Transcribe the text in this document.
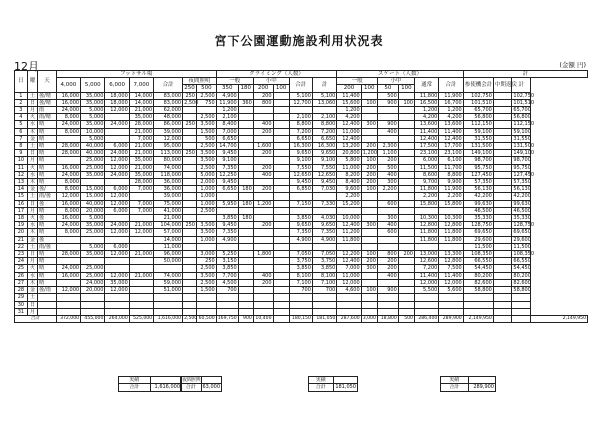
宮下公園運動施設利用状況表
12月	(金額 円)
日	曜	天	フットサル場							クライミング（人数）						スケート（人数）						計			
			4,000	5,000	6,000	7,000	合計	夜間照明		一般		小中		合計	計	一般		小中		通常	合計	参使機会計	中期返戻	計
								250	500	350	180	200	100			200	100	50	100						
1	土	曇/晴	16,000	35,000	18,000	14,000	83,000	250	2,500	4,900		200		5,100	5,100	11,400		500		11,800	11,900	102,750		102,750	
2	日	曇/晴	16,000	35,000	18,000	14,000	83,000	2,500	750	11,900	360	800		12,700	13,060	15,600	100	900	100	16,500	16,700	101,510		101,510	
3	月	雨	24,000	5,000	12,000	21,000	62,000			1,200						1,200				1,200	1,200	65,700		65,700	
4	火	雨/晴	8,000	5,000		35,000	48,000		2,500	2,100				2,100	2,100	4,200				4,200	4,200	56,800		56,800	
5	水	晴	24,000	35,000	24,000	28,000	86,000	250	3,500	8,400		400		8,800	8,800	12,400	300	900		13,600	13,600	112,150		112,150	
6	木	晴	8,000	10,000		21,000	39,000		1,500	7,000		200		7,200	7,200	11,000		400		11,400	11,400	59,100		59,100	
7	金	晴		5,000		7,000	12,000		500	6,650				6,650	6,650	12,400				12,400	12,400	31,550		31,550	
8	土	晴	28,000	40,000	6,000	21,000	95,000		2,500	14,700		1,600		16,300	16,300	13,200	200	2,300		17,500	17,700	131,500		131,500	
9	日	晴	28,000	40,000	24,000	21,000	113,000	250	3,500	9,450		200		9,650	9,650	20,800	1,200	1,100		23,100	23,100	149,100		149,100	
10	月	晴		25,000	12,000	35,000	80,000		3,500	9,100				9,100	9,100	5,800	100	200		6,000	6,100	98,700		98,700	
11	火	晴	16,000	25,000	12,000	21,000	74,000		2,500	7,350		200		7,550	7,550	11,000	200	500		11,500	11,700	95,750		95,750	
12	水	晴	24,000	35,000	24,000	35,000	118,000		5,000	12,250		400		12,650	12,650	8,200	200	400		8,600	8,800	127,450		127,450	
13	木	晴	8,000			28,000	36,000		2,000	9,450				9,450	9,450	8,400	200	300		9,700	9,900	57,350		57,350	
14	金	曇/	8,000	15,000	6,000	7,000	36,000		1,000	6,650	180	200		6,850	7,030	9,600	100	2,200		11,800	11,900	56,130		56,130	
15	土	雨/曇	12,000	15,000	12,000		39,000		1,000							2,200				2,200	2,200	42,200		42,200	
16	日	曇	16,000	40,000	12,000	7,000	75,000		1,000	5,950	180	1,200		7,150	7,330	15,200		600		15,800	15,800	99,630		99,630	
17	月	晴	8,000	20,000	6,000	7,000	41,000		2,500													46,500		46,500	
18	火	曇	16,000	5,000			21,000			3,850	180			3,850	4,030	10,000		300		10,300	10,300	35,330		35,330	
19	水	晴	24,000	35,000	24,000	21,000	104,000	250	3,500	9,450		200		9,650	9,650	12,400	300	400		12,800	12,800	128,750		128,750	
20	木	晴	8,000	25,000	12,000	12,000	57,000		3,500	7,350				7,350	7,350	11,200		600		11,800	11,800	69,650		69,650	
21	金	曇					14,000		1,000	4,900				4,900	4,900	11,800				11,800	11,800	29,600		29,600	
22	土	雨/曇		5,000	6,000		11,000															11,500		11,500	
23	日	晴	28,000	35,000	12,000	21,000	96,000		3,000	5,250		1,800		7,050	7,050	12,200	100	800	200	13,000	13,300	108,350		108,350	
24	月	晴					50,000		250	3,150				3,750	3,750	12,400	200	200		12,600	12,800	66,550		66,550	
25	火	晴	24,000	25,000					2,500	3,850				3,850	3,850	7,000	300	200		7,200	7,500	54,450		54,450	
26	水	晴	16,000	25,000	12,000	21,000	74,000		3,500	7,700		400		8,100	8,100	11,000		400		11,400	11,400	80,200		80,200	
27	木	晴		24,000	35,000		59,000		2,500	4,500		200		7,100	7,100	12,000				12,000	12,000	82,600		82,600	
28	金	曇/雨	12,000	20,000	12,000		51,000		1,500	700				700	700	4,600	100	900		5,500	5,600	58,800		58,800	
29	土																								
30	日																								
31	月																								
合計			372,000	455,000	264,000	525,000	1,616,000	2,500	60,500	169,750	900	10,400		180,150	181,050	287,600	3,000	18,800	500	286,400	289,900	2,149,950			2,149,950
実績	
合計	1,616,000
夜間照明	
合計	63,000
実績	
合計	181,050
実績	
合計	289,900
